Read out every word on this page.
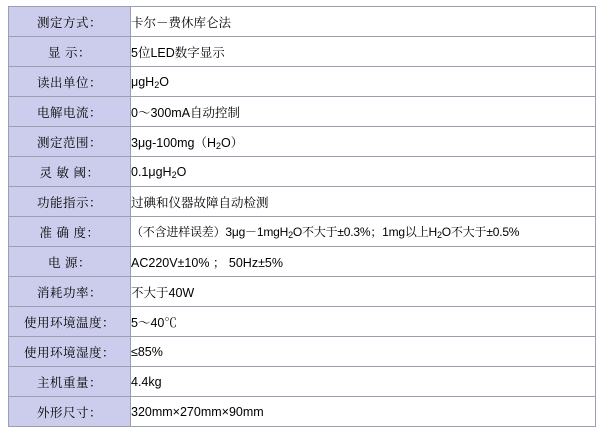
测定方式：	卡尔－费休库仑法
显 示：	5位LED数字显示
读出单位：	μgH$_2$O
电解电流：	0～300mA自动控制
测定范围：	$3\mu g-100mg(H_2O)$
灵 敏 阈：	0.1μgH$_2$O
功能指示：	过碘和仪器故障自动检测
准 确 度：	（不含进样误差）3μg－1mgH$_2$O不大于±0.3%；1mg以上$H_2O$不大于±0.5%
电 源：	AC220V±10% ； 50Hz±5%
消耗功率：	不大于40W
使用环境温度：	5～40℃
使用环境湿度：	≤85%
主机重量：	4.4kg
外形尺寸：	320mm×270mm×90mm
